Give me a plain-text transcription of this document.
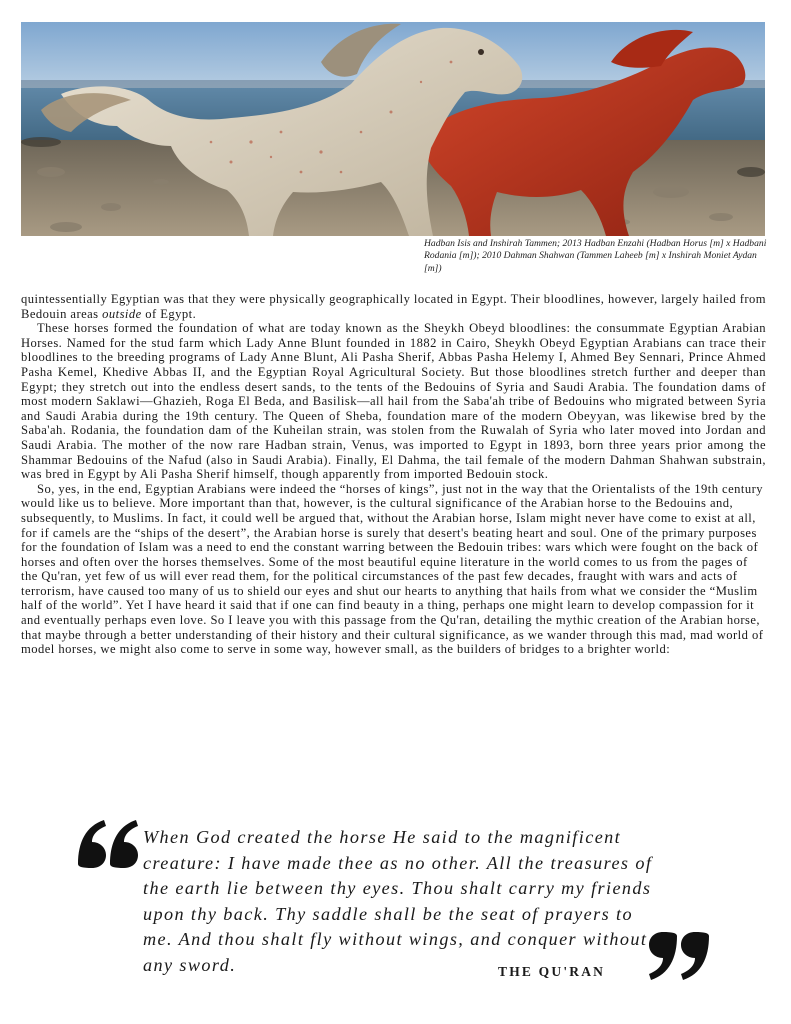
Hadban Isis and Inshirah Tammen; 2013 Hadban Enzahi (Hadban Horus [m] x Hadbani Rodania [m]); 2010 Dahman Shahwan (Tammen Laheeb [m] x Inshirah Moniet Aydan [m])

quintessentially Egyptian was that they were physically geographically located in Egypt. Their bloodlines, however, largely hailed from Bedouin areas outside of Egypt.

These horses formed the foundation of what are today known as the Sheykh Obeyd bloodlines: the consummate Egyptian Arabian Horses. Named for the stud farm which Lady Anne Blunt founded in 1882 in Cairo, Sheykh Obeyd Egyptian Arabians can trace their bloodlines to the breeding programs of Lady Anne Blunt, Ali Pasha Sherif, Abbas Pasha Helemy I, Ahmed Bey Sennari, Prince Ahmed Pasha Kemel, Khedive Abbas II, and the Egyptian Royal Agricultural Society. But those bloodlines stretch further and deeper than Egypt; they stretch out into the endless desert sands, to the tents of the Bedouins of Syria and Saudi Arabia. The foundation dams of most modern Saklawi—Ghazieh, Roga El Beda, and Basilisk—all hail from the Saba'ah tribe of Bedouins who migrated between Syria and Saudi Arabia during the 19th century. The Queen of Sheba, foundation mare of the modern Obeyyan, was likewise bred by the Saba'ah. Rodania, the foundation dam of the Kuheilan strain, was stolen from the Ruwalah of Syria who later moved into Jordan and Saudi Arabia. The mother of the now rare Hadban strain, Venus, was imported to Egypt in 1893, born three years prior among the Shammar Bedouins of the Nafud (also in Saudi Arabia). Finally, El Dahma, the tail female of the modern Dahman Shahwan substrain, was bred in Egypt by Ali Pasha Sherif himself, though apparently from imported Bedouin stock.

So, yes, in the end, Egyptian Arabians were indeed the “horses of kings”, just not in the way that the Orientalists of the 19th century would like us to believe. More important than that, however, is the cultural significance of the Arabian horse to the Bedouins and, subsequently, to Muslims. In fact, it could well be argued that, without the Arabian horse, Islam might never have come to exist at all, for if camels are the “ships of the desert”, the Arabian horse is surely that desert's beating heart and soul. One of the primary purposes for the foundation of Islam was a need to end the constant warring between the Bedouin tribes: wars which were fought on the back of horses and often over the horses themselves. Some of the most beautiful equine literature in the world comes to us from the pages of the Qu'ran, yet few of us will ever read them, for the political circumstances of the past few decades, fraught with wars and acts of terrorism, have caused too many of us to shield our eyes and shut our hearts to anything that hails from what we consider the “Muslim half of the world”. Yet I have heard it said that if one can find beauty in a thing, perhaps one might learn to develop compassion for it and eventually perhaps even love. So I leave you with this passage from the Qu'ran, detailing the mythic creation of the Arabian horse, that maybe through a better understanding of their history and their cultural significance, as we wander through this mad, mad world of model horses, we might also come to serve in some way, however small, as the builders of bridges to a brighter world:

When God created the horse He said to the magnificent creature: I have made thee as no other. All the treasures of the earth lie between thy eyes. Thou shalt carry my friends upon thy back. Thy saddle shall be the seat of prayers to me. And thou shalt fly without wings, and conquer without any sword.	THE QU'RAN
